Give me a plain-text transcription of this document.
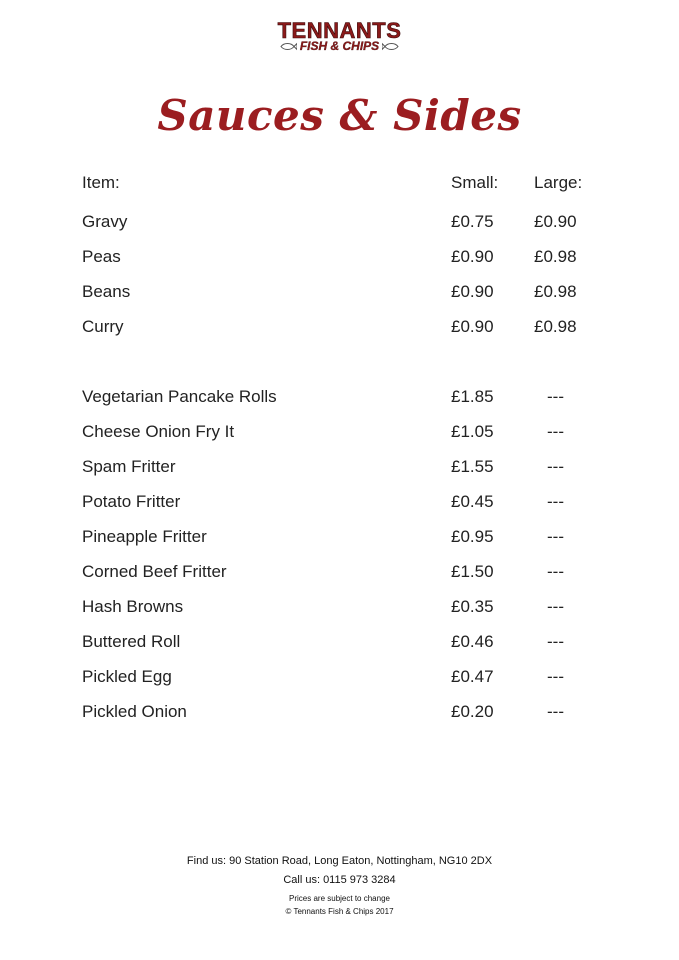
TENNANTS
FISH & CHIPS
Sauces & Sides
Item:	Small: Large:
Gravy	£0.75 £0.90
Peas	£0.90 £0.98
Beans	£0.90 £0.98
Curry	£0.90 £0.98
Vegetarian Pancake Rolls	£1.85	---
Cheese Onion Fry It	£1.05	---
Spam Fritter	£1.55	---
Potato Fritter	£0.45	---
Pineapple Fritter	£0.95	---
Corned Beef Fritter	£1.50	---
Hash Browns	£0.35	---
Buttered Roll	£0.46	---
Pickled Egg	£0.47	---
Pickled Onion	£0.20	---
Find us: 90 Station Road, Long Eaton, Nottingham, NG10 2DX
Call us: 0115 973 3284
Prices are subject to change
© Tennants Fish & Chips 2017
